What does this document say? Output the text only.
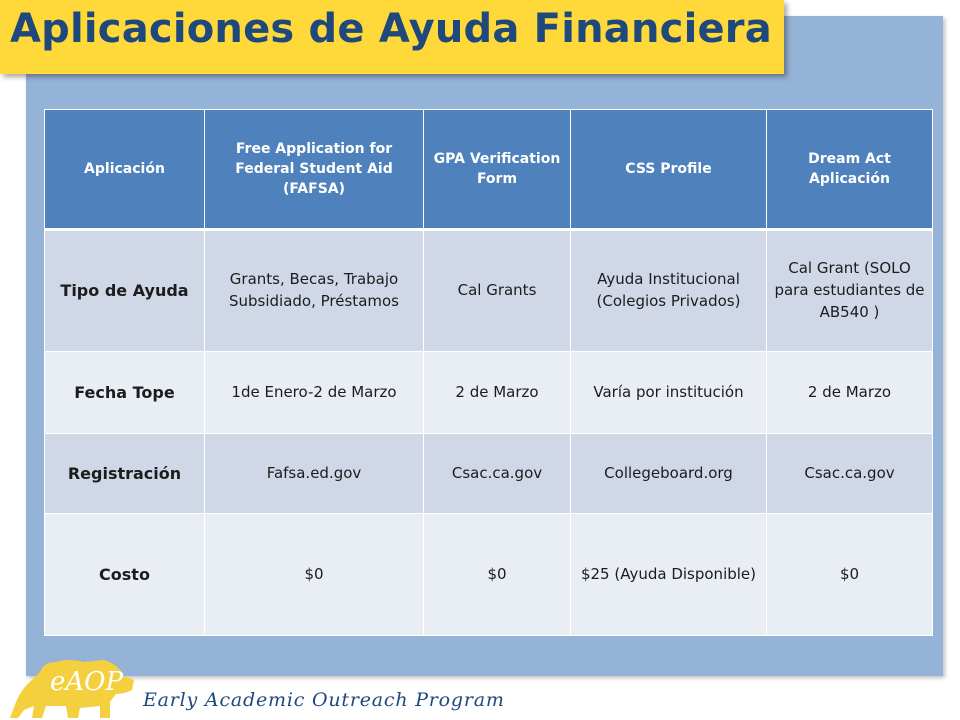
Aplicaciones de Ayuda Financiera
Aplicación	Free Application for Federal Student Aid (FAFSA)	GPA Verification Form	CSS Profile	Dream Act Aplicación
Tipo de Ayuda	Grants, Becas, Trabajo Subsidiado, Préstamos	Cal Grants	Ayuda Institucional (Colegios Privados)	Cal Grant (SOLO para estudiantes de AB540 )
Fecha Tope	1de Enero-2 de Marzo	2 de Marzo	Varía por institución	2 de Marzo
Registración	Fafsa.ed.gov	Csac.ca.gov	Collegeboard.org	Csac.ca.gov
Costo	$0	$0	$25 (Ayuda Disponible)	$0
eAOP
Early Academic Outreach Program
